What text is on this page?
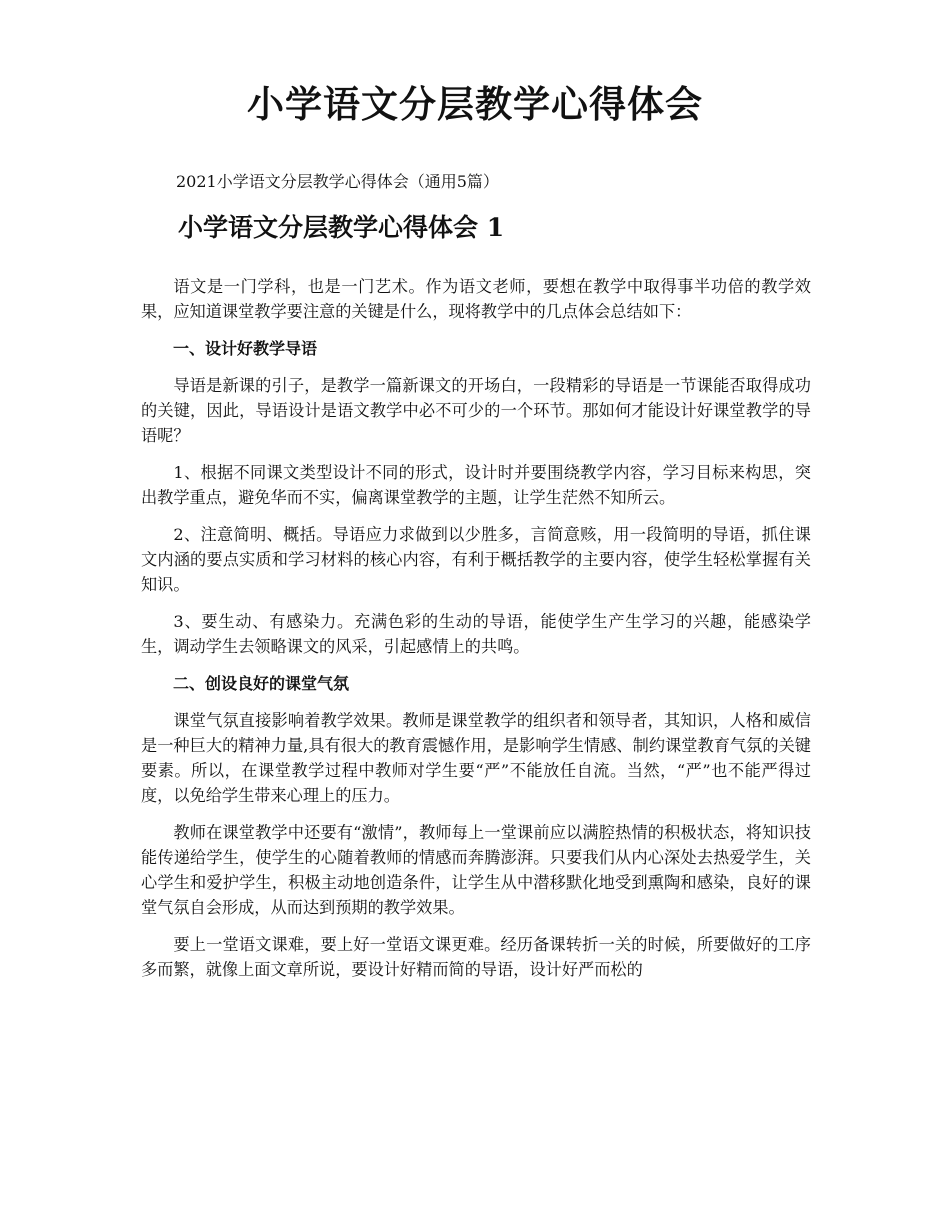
小学语文分层教学心得体会
2021小学语文分层教学心得体会（通用5篇）
小学语文分层教学心得体会 1

语文是一门学科，也是一门艺术。作为语文老师，要想在教学中取得事半功倍的教学效果，应知道课堂教学要注意的关键是什么，现将教学中的几点体会总结如下：

一、设计好教学导语

导语是新课的引子，是教学一篇新课文的开场白，一段精彩的导语是一节课能否取得成功的关键，因此，导语设计是语文教学中必不可少的一个环节。那如何才能设计好课堂教学的导语呢？

1、根据不同课文类型设计不同的形式，设计时并要围绕教学内容，学习目标来构思，突出教学重点，避免华而不实，偏离课堂教学的主题，让学生茫然不知所云。

2、注意简明、概括。导语应力求做到以少胜多，言简意赅，用一段简明的导语，抓住课文内涵的要点实质和学习材料的核心内容，有利于概括教学的主要内容，使学生轻松掌握有关知识。

3、要生动、有感染力。充满色彩的生动的导语，能使学生产生学习的兴趣，能感染学生，调动学生去领略课文的风采，引起感情上的共鸣。

二、创设良好的课堂气氛

课堂气氛直接影响着教学效果。教师是课堂教学的组织者和领导者，其知识，人格和威信是一种巨大的精神力量,具有很大的教育震憾作用，是影响学生情感、制约课堂教育气氛的关键要素。所以，在课堂教学过程中教师对学生要“严”不能放任自流。当然，“严”也不能严得过度，以免给学生带来心理上的压力。

教师在课堂教学中还要有“激情”，教师每上一堂课前应以满腔热情的积极状态，将知识技能传递给学生，使学生的心随着教师的情感而奔腾澎湃。只要我们从内心深处去热爱学生，关心学生和爱护学生，积极主动地创造条件，让学生从中潜移默化地受到熏陶和感染，良好的课堂气氛自会形成，从而达到预期的教学效果。

要上一堂语文课难，要上好一堂语文课更难。经历备课转折一关的时候，所要做好的工序多而繁，就像上面文章所说，要设计好精而简的导语，设计好严而松的
